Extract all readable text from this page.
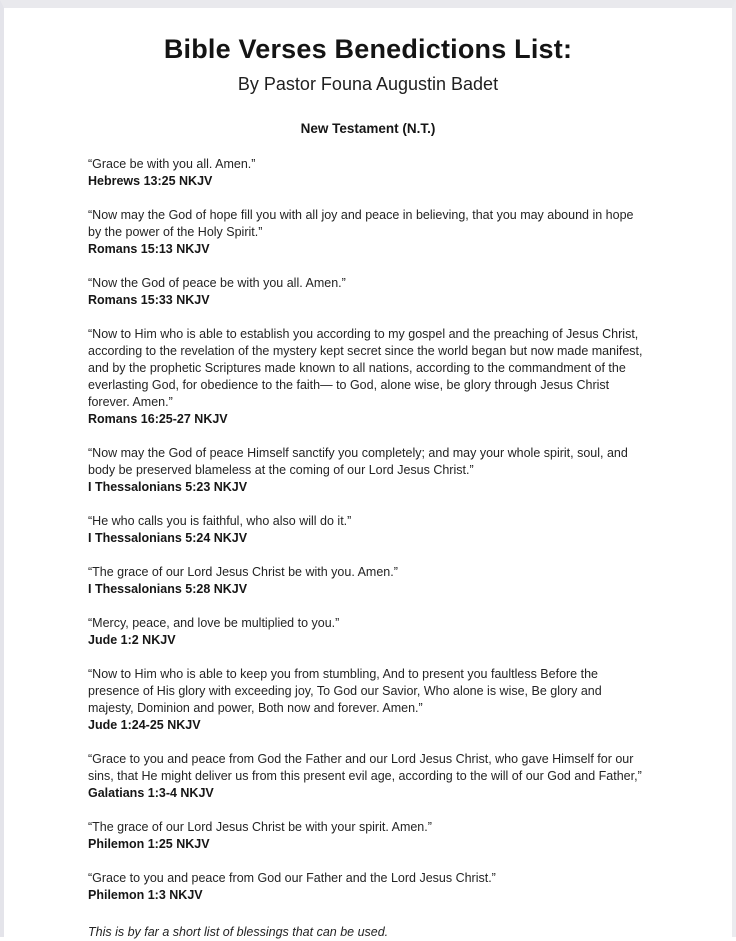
Bible Verses Benedictions List:
By Pastor Founa Augustin Badet
New Testament (N.T.)

“Grace be with you all. Amen.”

Hebrews 13:25 NKJV

“Now may the God of hope fill you with all joy and peace in believing, that you may abound in hope by the power of the Holy Spirit.”

Romans 15:13 NKJV

“Now the God of peace be with you all. Amen.”

Romans 15:33 NKJV

“Now to Him who is able to establish you according to my gospel and the preaching of Jesus Christ, according to the revelation of the mystery kept secret since the world began but now made manifest, and by the prophetic Scriptures made known to all nations, according to the commandment of the everlasting God, for obedience to the faith— to God, alone wise, be glory through Jesus Christ forever. Amen.”

Romans 16:25-27 NKJV

“Now may the God of peace Himself sanctify you completely; and may your whole spirit, soul, and body be preserved blameless at the coming of our Lord Jesus Christ.”

I Thessalonians 5:23 NKJV

“He who calls you is faithful, who also will do it.”

I Thessalonians 5:24 NKJV

“The grace of our Lord Jesus Christ be with you. Amen.”

I Thessalonians 5:28 NKJV

“Mercy, peace, and love be multiplied to you.”

Jude 1:2 NKJV

“Now to Him who is able to keep you from stumbling, And to present you faultless Before the presence of His glory with exceeding joy, To God our Savior, Who alone is wise, Be glory and majesty, Dominion and power, Both now and forever. Amen.”

Jude 1:24-25 NKJV

“Grace to you and peace from God the Father and our Lord Jesus Christ, who gave Himself for our sins, that He might deliver us from this present evil age, according to the will of our God and Father,”

Galatians 1:3-4 NKJV

“The grace of our Lord Jesus Christ be with your spirit. Amen.”

Philemon 1:25 NKJV

“Grace to you and peace from God our Father and the Lord Jesus Christ.”

Philemon 1:3 NKJV

This is by far a short list of blessings that can be used.
